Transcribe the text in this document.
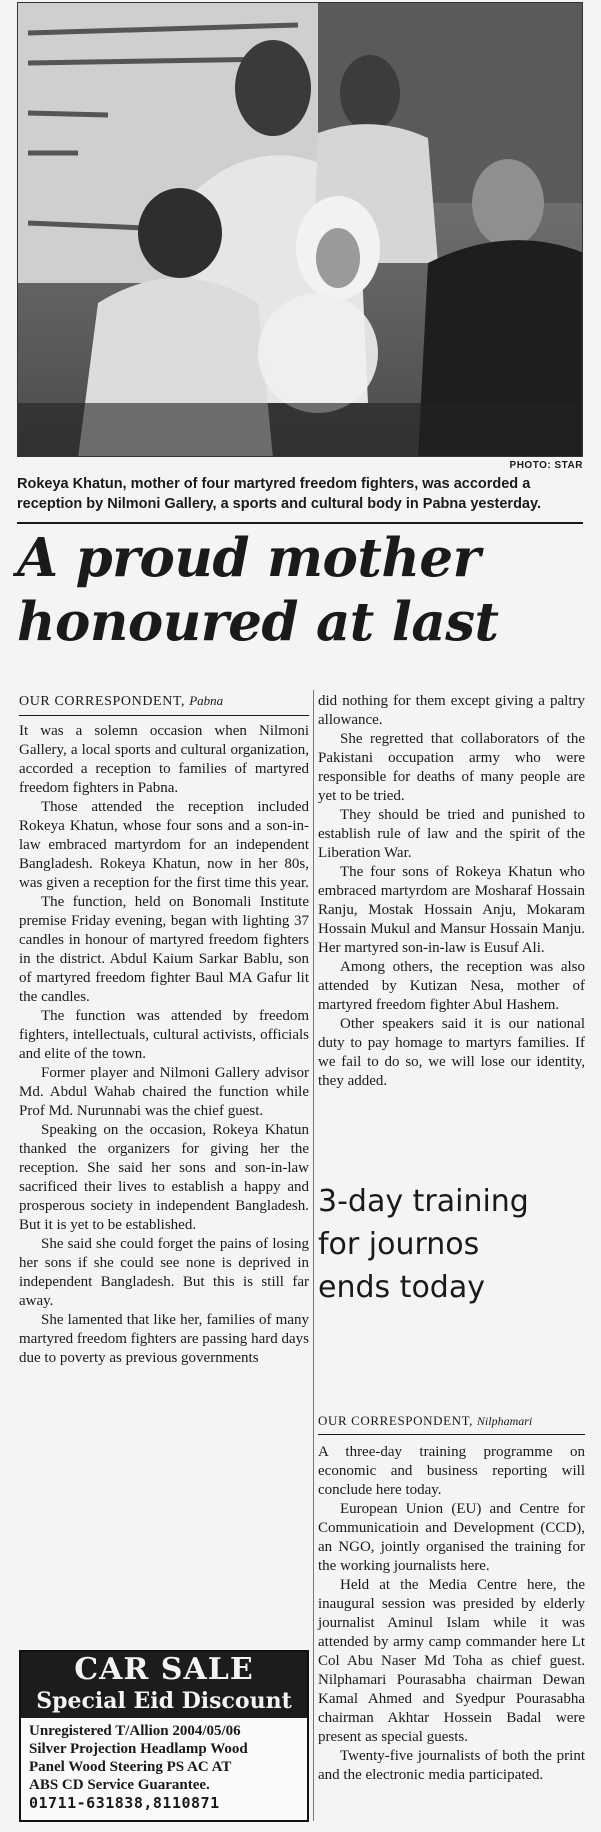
PHOTO: STAR
Rokeya Khatun, mother of four martyred freedom fighters, was accorded a reception by Nilmoni Gallery, a sports and cultural body in Pabna yesterday.
A proud mother
honoured at last
OUR CORRESPONDENT, Pabna

It was a solemn occasion when Nilmoni Gallery, a local sports and cultural organization, accorded a reception to families of martyred freedom fighters in Pabna.

Those attended the reception included Rokeya Khatun, whose four sons and a son-in-law embraced martyrdom for an independent Bangladesh. Rokeya Khatun, now in her 80s, was given a reception for the first time this year.

The function, held on Bonomali Institute premise Friday evening, began with lighting 37 candles in honour of martyred freedom fighters in the district. Abdul Kaium Sarkar Bablu, son of martyred freedom fighter Baul MA Gafur lit the candles.

The function was attended by freedom fighters, intellectuals, cultural activists, officials and elite of the town.

Former player and Nilmoni Gallery advisor Md. Abdul Wahab chaired the function while Prof Md. Nurunnabi was the chief guest.

Speaking on the occasion, Rokeya Khatun thanked the organizers for giving her the reception. She said her sons and son-in-law sacrificed their lives to establish a happy and prosperous society in independent Bangladesh. But it is yet to be established.

She said she could forget the pains of losing her sons if she could see none is deprived in independent Bangladesh. But this is still far away.

She lamented that like her, families of many martyred freedom fighters are passing hard days due to poverty as previous governments

did nothing for them except giving a paltry allowance.

She regretted that collaborators of the Pakistani occupation army who were responsible for deaths of many people are yet to be tried.

They should be tried and punished to establish rule of law and the spirit of the Liberation War.

The four sons of Rokeya Khatun who embraced martyrdom are Mosharaf Hossain Ranju, Mostak Hossain Anju, Mokaram Hossain Mukul and Mansur Hossain Manju. Her martyred son-in-law is Eusuf Ali.

Among others, the reception was also attended by Kutizan Nesa, mother of martyred freedom fighter Abul Hashem.

Other speakers said it is our national duty to pay homage to martyrs families. If we fail to do so, we will lose our identity, they added.

3-day training
for journos
ends today
OUR CORRESPONDENT, Nilphamari

A three-day training programme on economic and business reporting will conclude here today.

European Union (EU) and Centre for Communicatioin and Development (CCD), an NGO, jointly organised the training for the working journalists here.

Held at the Media Centre here, the inaugural session was presided by elderly journalist Aminul Islam while it was attended by army camp commander here Lt Col Abu Naser Md Toha as chief guest. Nilphamari Pourasabha chairman Dewan Kamal Ahmed and Syedpur Pourasabha chairman Akhtar Hossein Badal were present as special guests.

Twenty-five journalists of both the print and the electronic media participated.

CAR SALE
Special Eid Discount
Unregistered T/Allion 2004/05/06
Silver Projection Headlamp Wood
Panel Wood Steering PS AC AT
ABS CD Service Guarantee.
01711-631838,8110871
